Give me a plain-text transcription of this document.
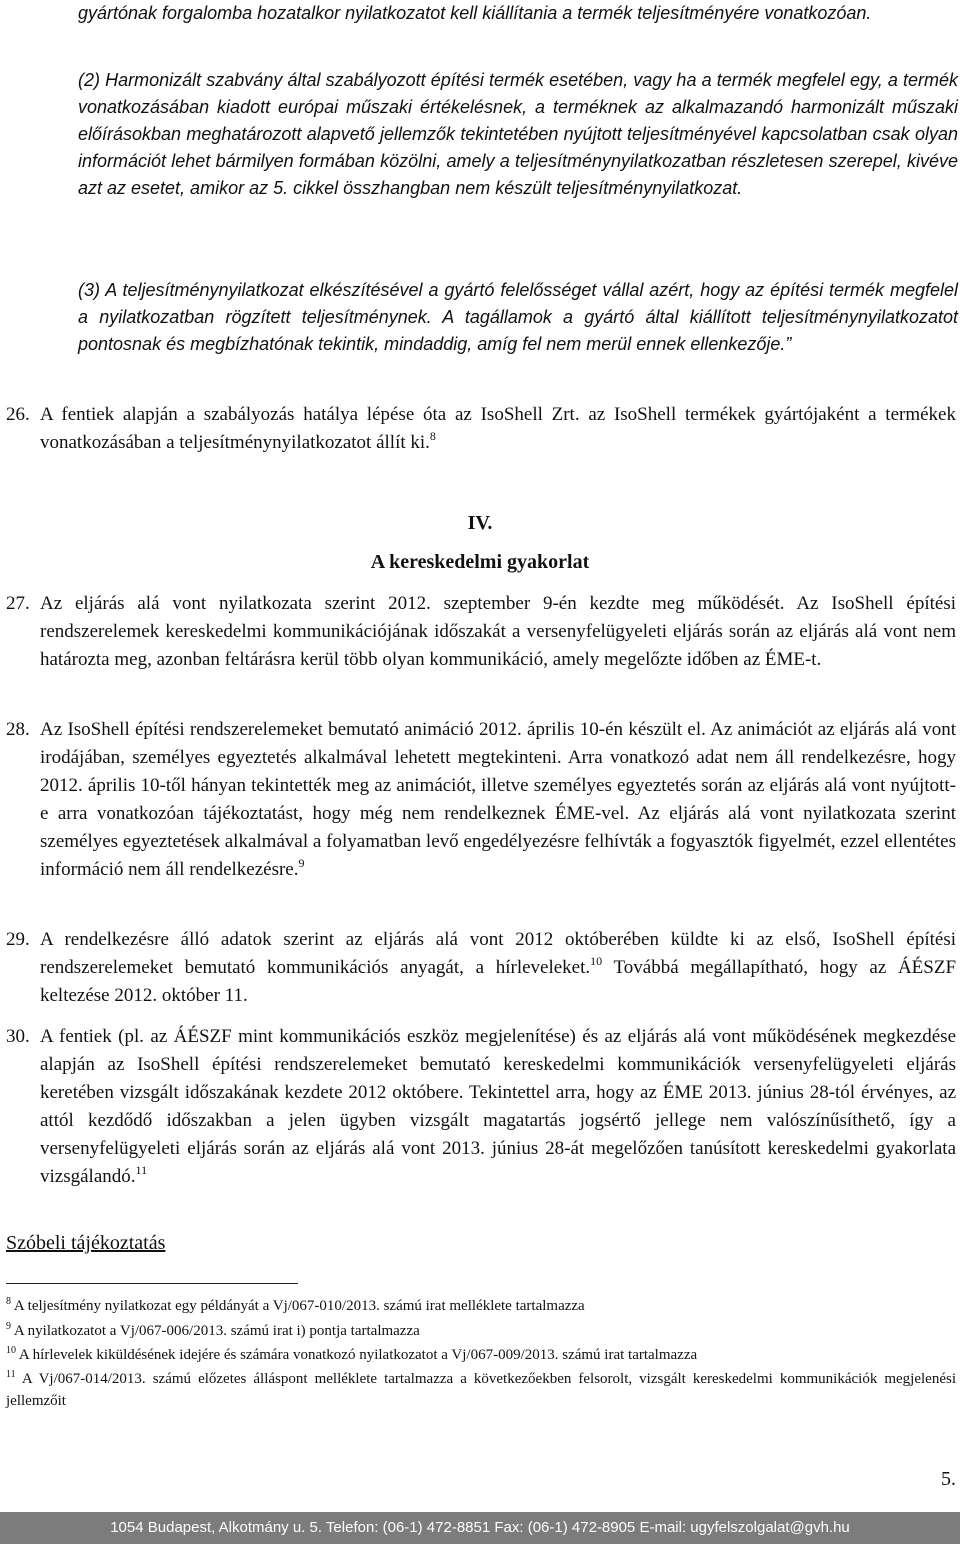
gyártónak forgalomba hozatalkor nyilatkozatot kell kiállítania a termék teljesítményére vonatkozóan.

(2) Harmonizált szabvány által szabályozott építési termék esetében, vagy ha a termék megfelel egy, a termék vonatkozásában kiadott európai műszaki értékelésnek, a terméknek az alkalmazandó harmonizált műszaki előírásokban meghatározott alapvető jellemzők tekintetében nyújtott teljesítményével kapcsolatban csak olyan információt lehet bármilyen formában közölni, amely a teljesítménynyilatkozatban részletesen szerepel, kivéve azt az esetet, amikor az 5. cikkel összhangban nem készült teljesítménynyilatkozat.

(3) A teljesítménynyilatkozat elkészítésével a gyártó felelősséget vállal azért, hogy az építési termék megfelel a nyilatkozatban rögzített teljesítménynek. A tagállamok a gyártó által kiállított teljesítménynyilatkozatot pontosnak és megbízhatónak tekintik, mindaddig, amíg fel nem merül ennek ellenkezője.”

26. A fentiek alapján a szabályozás hatálya lépése óta az IsoShell Zrt. az IsoShell termékek gyártójaként a termékek vonatkozásában a teljesítménynyilatkozatot állít ki.$^8$

IV.
A kereskedelmi gyakorlat
27. Az eljárás alá vont nyilatkozata szerint 2012. szeptember 9-én kezdte meg működését. Az IsoShell építési rendszerelemek kereskedelmi kommunikációjának időszakát a versenyfelügyeleti eljárás során az eljárás alá vont nem határozta meg, azonban feltárásra kerül több olyan kommunikáció, amely megelőzte időben az ÉME-t.

28. Az IsoShell építési rendszerelemeket bemutató animáció 2012. április 10-én készült el. Az animációt az eljárás alá vont irodájában, személyes egyeztetés alkalmával lehetett megtekinteni. Arra vonatkozó adat nem áll rendelkezésre, hogy 2012. április 10-től hányan tekintették meg az animációt, illetve személyes egyeztetés során az eljárás alá vont nyújtott-e arra vonatkozóan tájékoztatást, hogy még nem rendelkeznek ÉME-vel. Az eljárás alá vont nyilatkozata szerint személyes egyeztetések alkalmával a folyamatban levő engedélyezésre felhívták a fogyasztók figyelmét, ezzel ellentétes információ nem áll rendelkezésre.$^9$

29. A rendelkezésre álló adatok szerint az eljárás alá vont 2012 októberében küldte ki az első, IsoShell építési rendszerelemeket bemutató kommunikációs anyagát, a hírleveleket.$^{10}$ Továbbá megállapítható, hogy az ÁÉSZF keltezése 2012. október 11.

30. A fentiek (pl. az ÁÉSZF mint kommunikációs eszköz megjelenítése) és az eljárás alá vont működésének megkezdése alapján az IsoShell építési rendszerelemeket bemutató kereskedelmi kommunikációk versenyfelügyeleti eljárás keretében vizsgált időszakának kezdete 2012 októbere. Tekintettel arra, hogy az ÉME 2013. június 28-tól érvényes, az attól kezdődő időszakban a jelen ügyben vizsgált magatartás jogsértő jellege nem valószínűsíthető, így a versenyfelügyeleti eljárás során az eljárás alá vont 2013. június 28-át megelőzően tanúsított kereskedelmi gyakorlata vizsgálandó.$^{11}$

Szóbeli tájékoztatás
$^8$ A teljesítmény nyilatkozat egy példányát a Vj/067-010/2013. számú irat melléklete tartalmazza
$^9$ A nyilatkozatot a Vj/067-006/2013. számú irat i) pontja tartalmazza
$^{10}$ A hírlevelek kiküldésének idejére és számára vonatkozó nyilatkozatot a Vj/067-009/2013. számú irat tartalmazza
$^{11}$ A Vj/067-014/2013. számú előzetes álláspont melléklete tartalmazza a következőekben felsorolt, vizsgált kereskedelmi kommunikációk megjelenési jellemzőit
5.
1054 Budapest, Alkotmány u. 5. Telefon: (06-1) 472-8851 Fax: (06-1) 472-8905 E-mail: ugyfelszolgalat@gvh.hu
